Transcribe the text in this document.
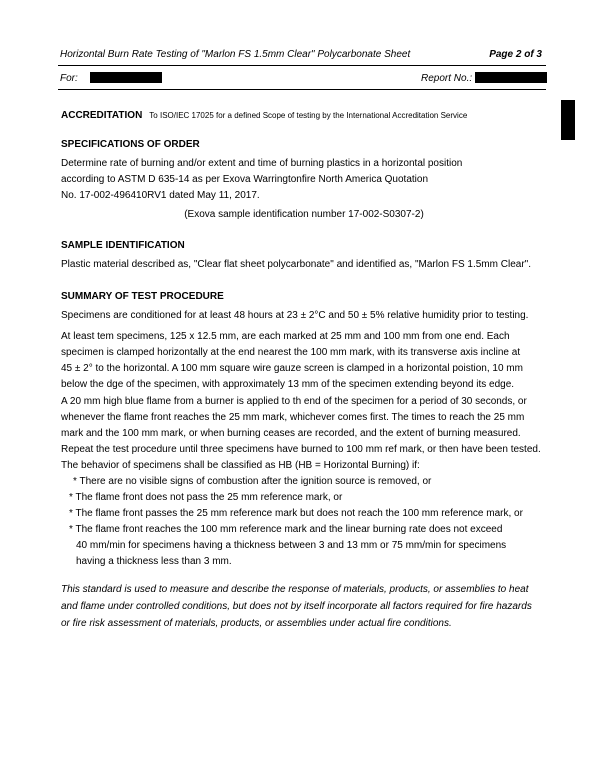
Horizontal Burn Rate Testing of "Marlon FS 1.5mm Clear" Polycarbonate Sheet	Page 2 of 3
For:	Report No.:
ACCREDITATION To ISO/IEC 17025 for a defined Scope of testing by the International Accreditation Service
SPECIFICATIONS OF ORDER
Determine rate of burning and/or extent and time of burning plastics in a horizontal position
according to ASTM D 635-14 as per Exova Warringtonfire North America Quotation
No. 17-002-496410RV1 dated May 11, 2017.
(Exova sample identification number 17-002-S0307-2)
SAMPLE IDENTIFICATION
Plastic material described as, "Clear flat sheet polycarbonate" and identified as, "Marlon FS 1.5mm Clear".
SUMMARY OF TEST PROCEDURE
Specimens are conditioned for at least 48 hours at 23 ± 2°C and 50 ± 5% relative humidity prior to testing.
At least tem specimens, 125 x 12.5 mm, are each marked at 25 mm and 100 mm from one end. Each
specimen is clamped horizontally at the end nearest the 100 mm mark, with its transverse axis incline at
45 ± 2° to the horizontal. A 100 mm square wire gauze screen is clamped in a horizontal poistion, 10 mm
below the dge of the specimen, with approximately 13 mm of the specimen extending beyond its edge.
A 20 mm high blue flame from a burner is applied to th end of the specimen for a period of 30 seconds, or
whenever the flame front reaches the 25 mm mark, whichever comes first. The times to reach the 25 mm
mark and the 100 mm mark, or when burning ceases are recorded, and the extent of burning measured.
Repeat the test procedure until three specimens have burned to 100 mm ref mark, or then have been tested.
The behavior of specimens shall be classified as HB (HB = Horizontal Burning) if:
* There are no visible signs of combustion after the ignition source is removed, or
* The flame front does not pass the 25 mm reference mark, or
* The flame front passes the 25 mm reference mark but does not reach the 100 mm reference mark, or
* The flame front reaches the 100 mm reference mark and the linear burning rate does not exceed
40 mm/min for specimens having a thickness between 3 and 13 mm or 75 mm/min for specimens
having a thickness less than 3 mm.
This standard is used to measure and describe the response of materials, products, or assemblies to heat
and flame under controlled conditions, but does not by itself incorporate all factors required for fire hazards
or fire risk assessment of materials, products, or assemblies under actual fire conditions.
